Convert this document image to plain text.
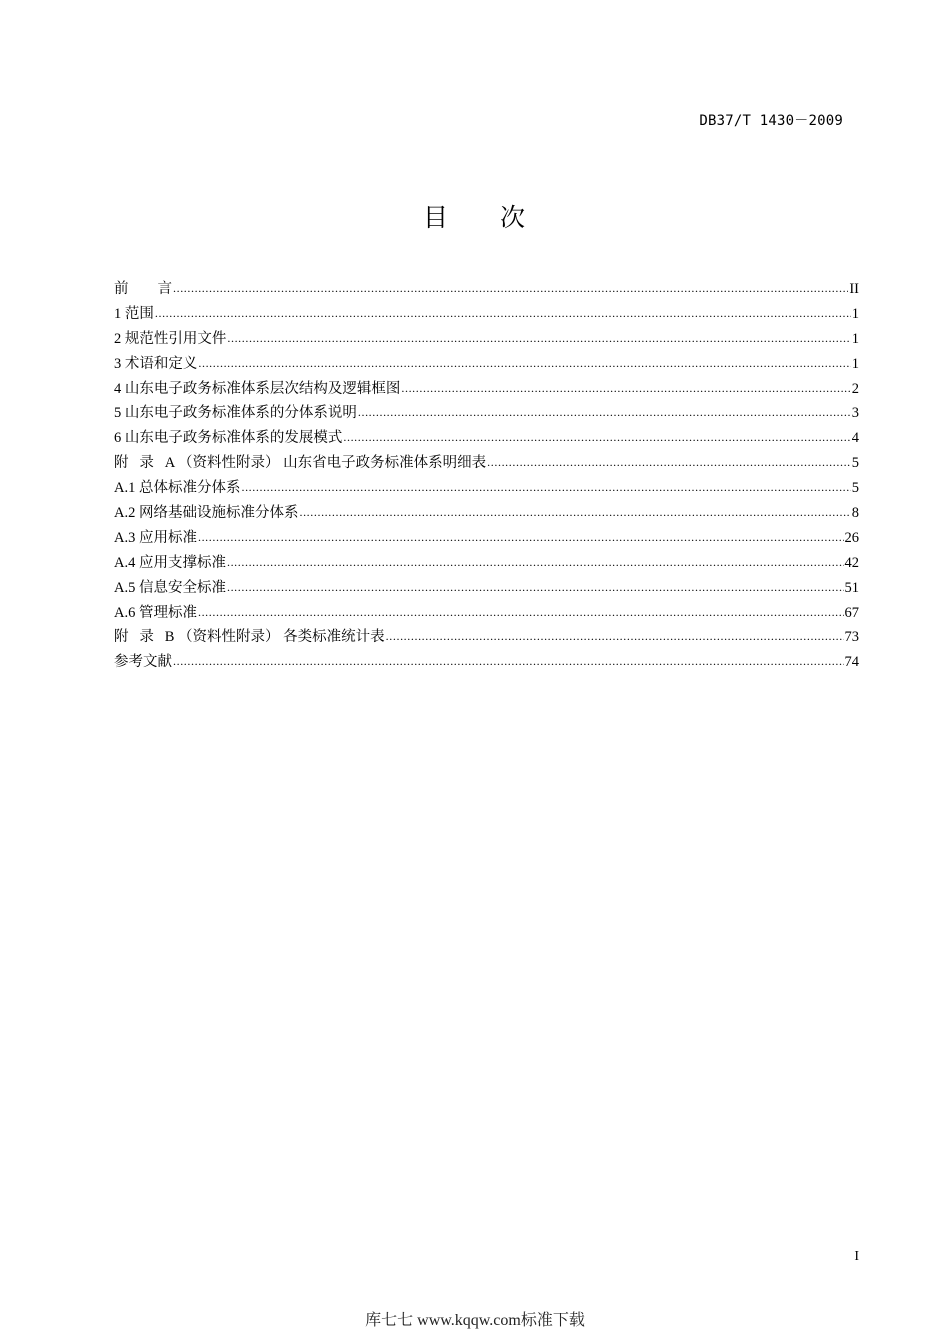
DB37/T 1430－2009
目 次
前        言 .....	II
1 范围 .....	1
2 规范性引用文件 .....	1
3 术语和定义 .....	1
4 山东电子政务标准体系层次结构及逻辑框图 .....	2
5 山东电子政务标准体系的分体系说明 .....	3
6 山东电子政务标准体系的发展模式 .....	4
附   录   A （资料性附录） 山东省电子政务标准体系明细表 .....	5
A.1 总体标准分体系 .....	5
A.2 网络基础设施标准分体系 .....	8
A.3 应用标准 .....	26
A.4 应用支撑标准 .....	42
A.5 信息安全标准 .....	51
A.6 管理标准 .....	67
附   录   B （资料性附录） 各类标准统计表 .....	73
参考文献 .....	74
I
库七七 www.kqqw.com标准下载
